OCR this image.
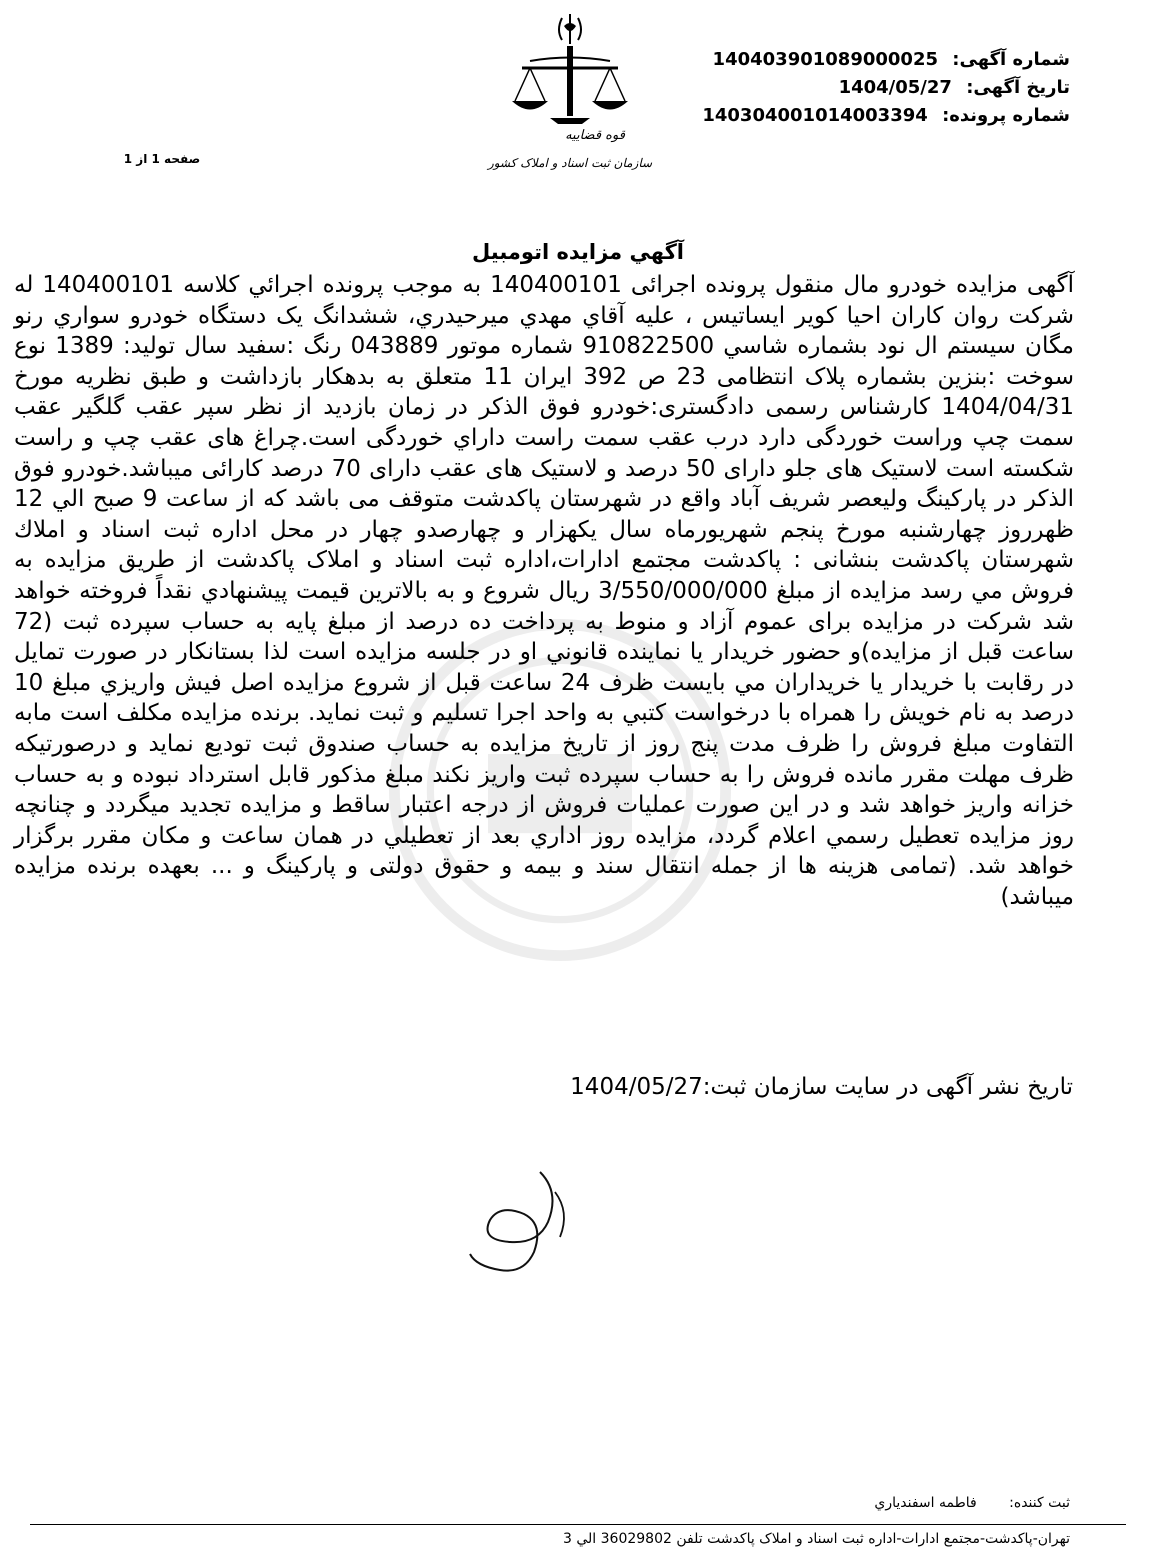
قوه قضاییه
سازمان ثبت اسناد و املاک کشور
شماره آگهی: 14040390108900002​5
تاریخ آگهی: 1404/05/27
شماره پرونده: 140304001014003394
صفحه 1 از 1
آگهي مزايده اتومبيل
آگهی مزایده خودرو مال منقول پرونده اجرائی 140400101 به موجب پرونده اجرائي كلاسه 140400101 له شرکت روان کاران احیا کویر ایساتیس ، علیه آقاي مهدي ميرحيدري، ششدانگ یک دستگاه خودرو سواري رنو مگان سيستم ال نود بشماره شاسي 910822500 شماره موتور 043889 رنگ :سفید سال تولید: 1389 نوع سوخت :بنزین بشماره پلاک انتظامی 23 ص 392 ایران 11 متعلق به بدهکار بازداشت و طبق نظریه مورخ 1404/04/31 کارشناس رسمی دادگستری:خودرو فوق الذکر در زمان بازدید از نظر سپر عقب گلگیر عقب سمت چپ وراست خوردگی دارد درب عقب سمت راست داراي خوردگی است.چراغ های عقب چپ و راست شکسته است لاستیک های جلو دارای 50 درصد و لاستیک های عقب دارای 70 درصد کارائی میباشد.خودرو فوق الذکر در پارکینگ ولیعصر شریف آباد واقع در شهرستان پاکدشت متوقف می باشد که از ساعت 9 صبح الي 12 ظهرروز چهارشنبه مورخ پنجم شهریورماه سال یکهزار و چهارصدو چهار در محل اداره ثبت اسناد و املاك شهرستان پاکدشت بنشانی : پاکدشت مجتمع ادارات،اداره ثبت اسناد و املاک پاکدشت از طريق مزايده به فروش مي رسد مزایده از مبلغ 3/550/000/000 ريال شروع و به بالاترين قيمت پيشنهادي نقداً فروخته خواهد شد شرکت در مزایده برای عموم آزاد و منوط به پرداخت ده درصد از مبلغ پایه به حساب سپرده ثبت (72 ساعت قبل از مزایده)و حضور خريدار يا نماينده قانوني او در جلسه مزایده است لذا بستانکار در صورت تمایل در رقابت با خريدار يا خريداران مي بايست ظرف 24 ساعت قبل از شروع مزايده اصل فيش واريزي مبلغ 10 درصد به نام خويش را همراه با درخواست كتبي به واحد اجرا تسليم و ثبت نمايد. برنده مزایده مکلف است مابه التفاوت مبلغ فروش را ظرف مدت پنج روز از تاریخ مزایده به حساب صندوق ثبت تودیع نماید و درصورتیکه ظرف مهلت مقرر مانده فروش را به حساب سپرده ثبت واریز نکند مبلغ مذکور قابل استرداد نبوده و به حساب خزانه واریز خواهد شد و در این صورت عملیات فروش از درجه اعتبار ساقط و مزایده تجدید میگردد و چنانچه روز مزايده تعطيل رسمي اعلام گردد، مزايده روز اداري بعد از تعطيلي در همان ساعت و مكان مقرر برگزار خواهد شد. (تمامی هزینه ها از جمله انتقال سند و بیمه و حقوق دولتی و پارکینگ و ... بعهده برنده مزایده میباشد)
تاریخ نشر آگهی در سایت سازمان ثبت:1404/05/27
ثبت کننده: فاطمه اسفندیاري
تهران-پاکدشت-مجتمع ادارات-اداره ثبت اسناد و املاک پاکدشت تلفن 36029802 الي 3
